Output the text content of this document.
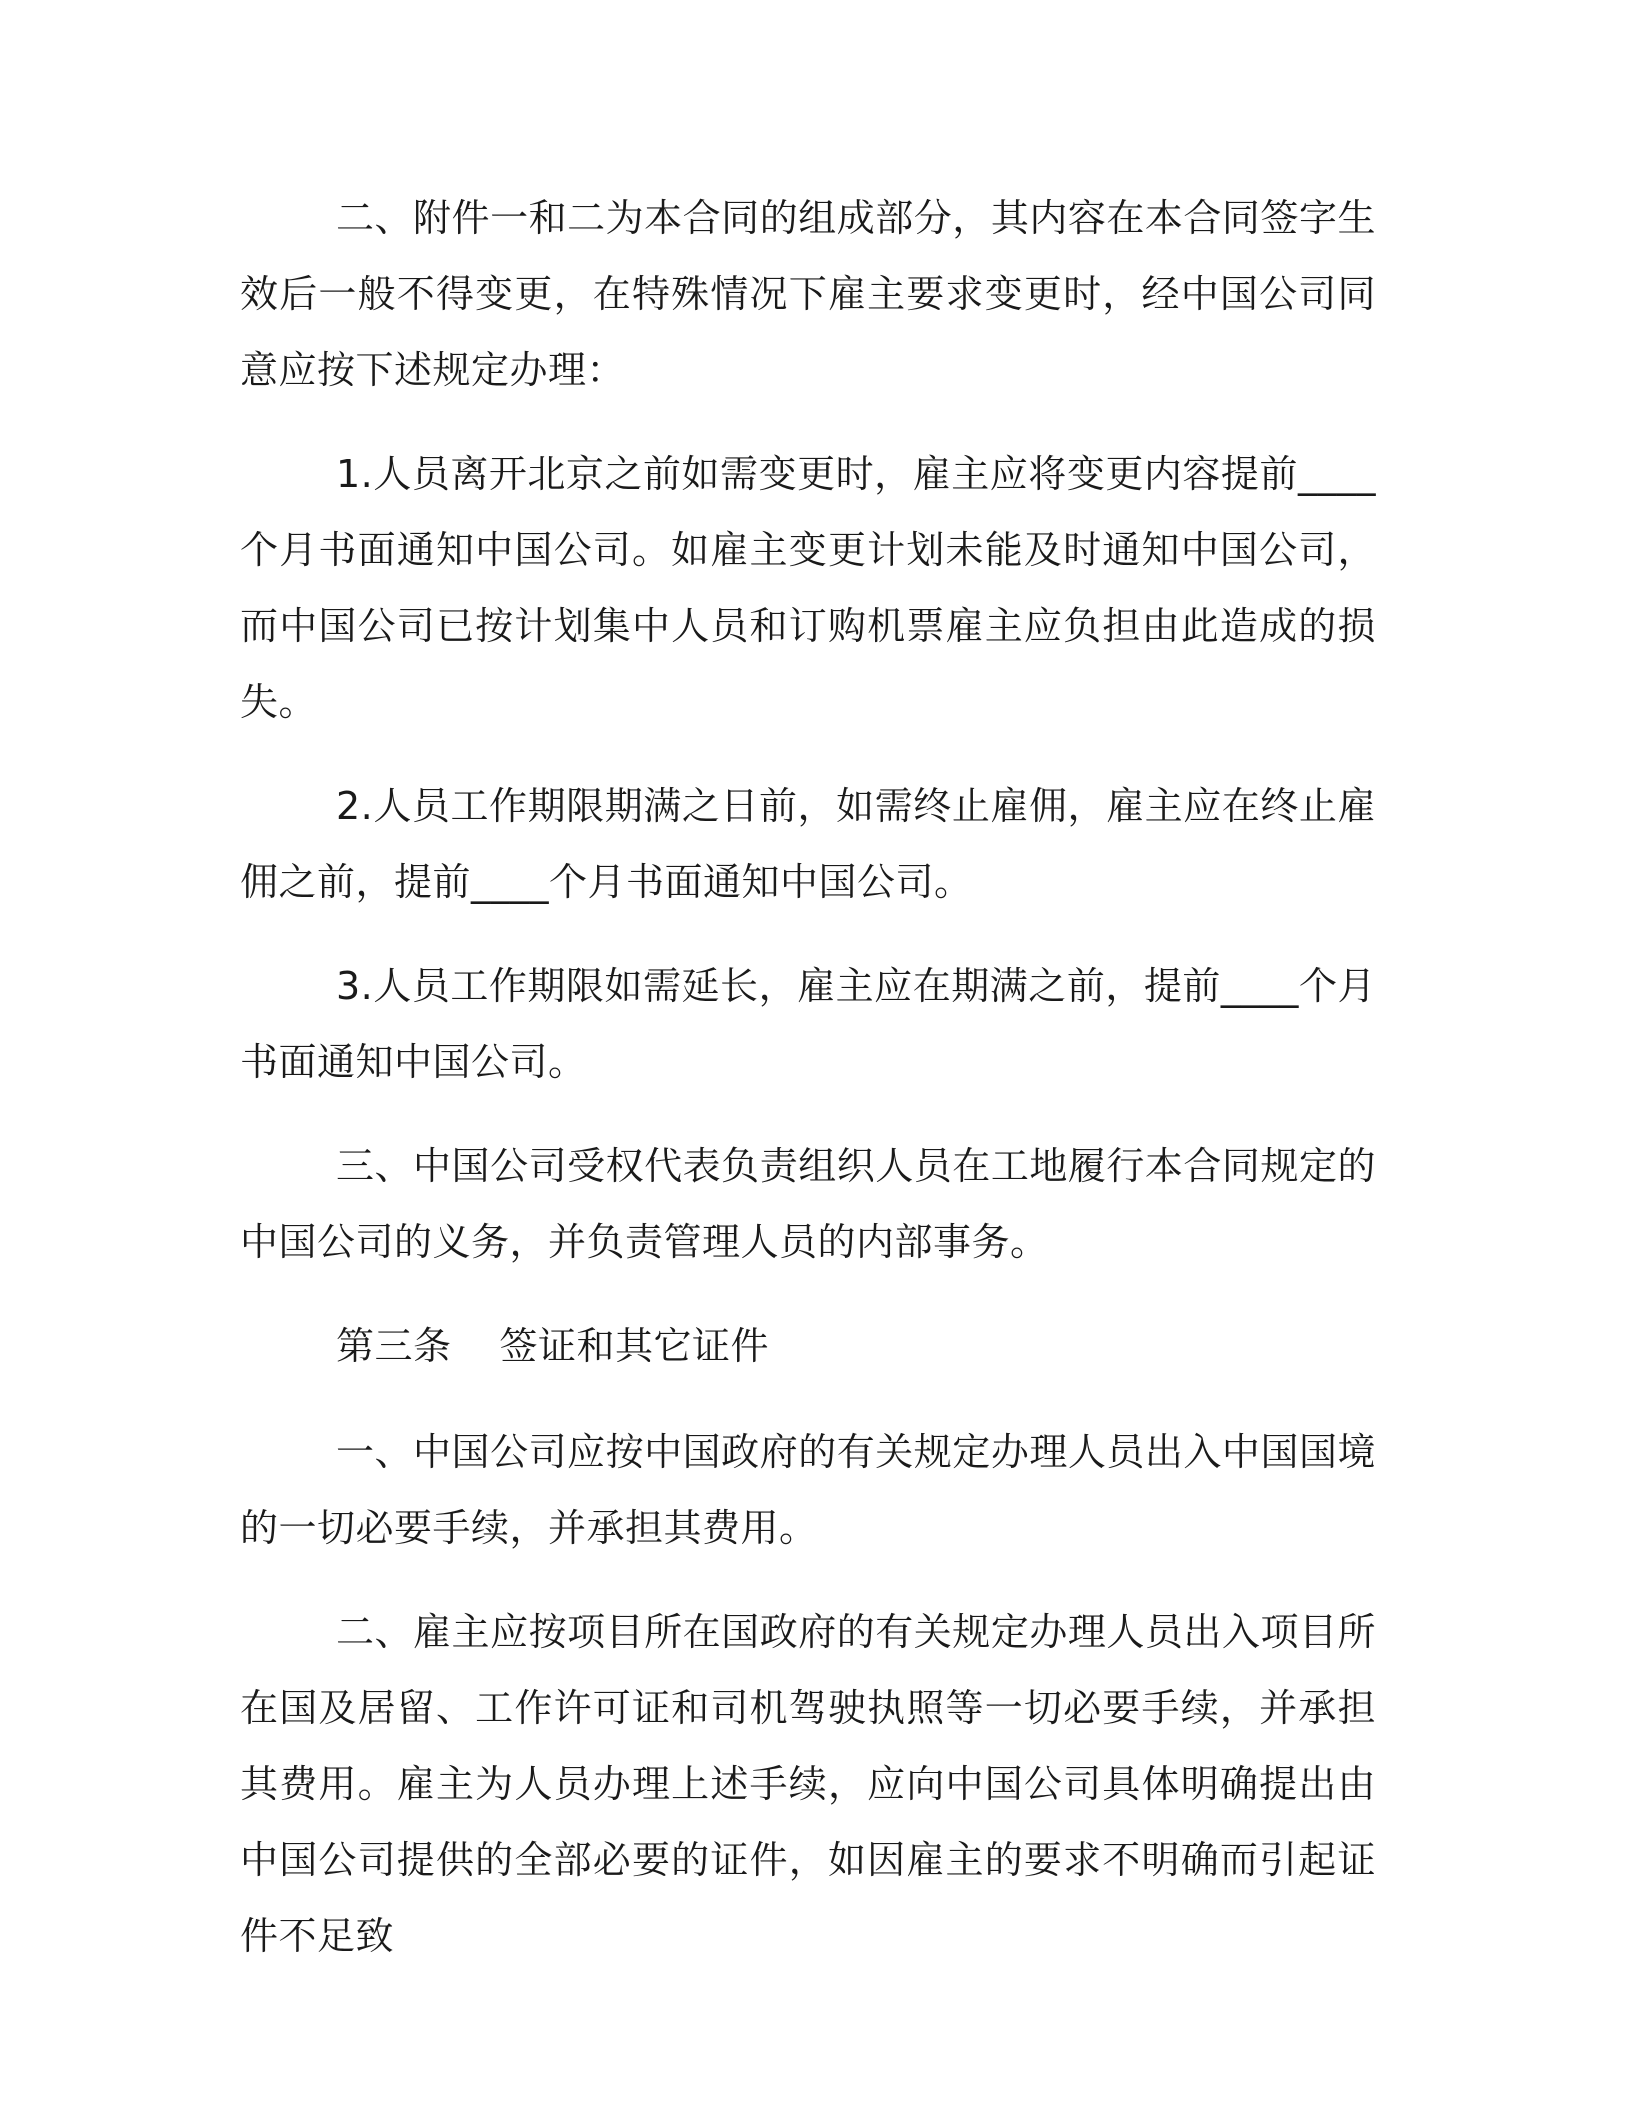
二、附件一和二为本合同的组成部分，其内容在本合同签字生效后一般不得变更，在特殊情况下雇主要求变更时，经中国公司同意应按下述规定办理：

1.人员离开北京之前如需变更时，雇主应将变更内容提前____个月书面通知中国公司。如雇主变更计划未能及时通知中国公司，而中国公司已按计划集中人员和订购机票雇主应负担由此造成的损失。

2.人员工作期限期满之日前，如需终止雇佣，雇主应在终止雇佣之前，提前____个月书面通知中国公司。

3.人员工作期限如需延长，雇主应在期满之前，提前____个月书面通知中国公司。

三、中国公司受权代表负责组织人员在工地履行本合同规定的中国公司的义务，并负责管理人员的内部事务。

第三条 签证和其它证件

一、中国公司应按中国政府的有关规定办理人员出入中国国境的一切必要手续，并承担其费用。

二、雇主应按项目所在国政府的有关规定办理人员出入项目所在国及居留、工作许可证和司机驾驶执照等一切必要手续，并承担其费用。雇主为人员办理上述手续，应向中国公司具体明确提出由中国公司提供的全部必要的证件，如因雇主的要求不明确而引起证件不足致
